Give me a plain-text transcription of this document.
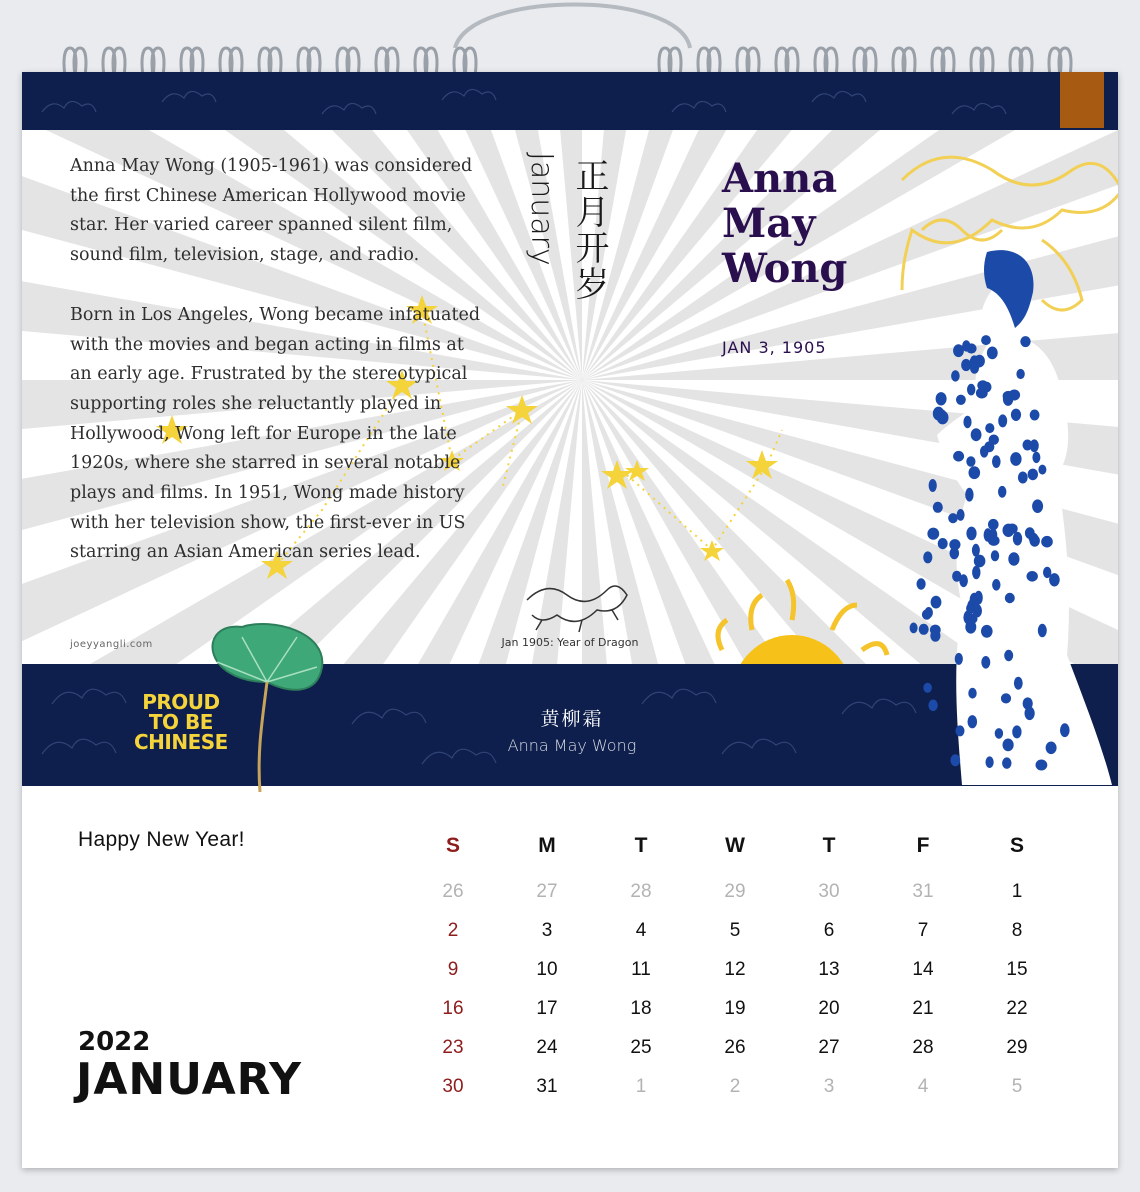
Anna May Wong (1905-1961) was considered the first Chinese American Hollywood movie star. Her varied career spanned silent film, sound film, television, stage, and radio.

Born in Los Angeles, Wong became infatuated with the movies and began acting in films at an early age. Frustrated by the stereotypical supporting roles she reluctantly played in Hollywood, Wong left for Europe in the late 1920s, where she starred in several notable plays and films. In 1951, Wong made history with her television show, the first-ever in US starring an Asian American series lead.

正月开岁
January	Anna
May
Wong
JAN 3, 1905
Jan 1905: Year of Dragon
joeyyangli.com
PROUD
TO BE
CHINESE
黄柳霜
Anna May Wong
Happy New Year!
2022
JANUARY
S	M	T	W	T	F	S
26	27	28	29	30	31	1
2	3	4	5	6	7	8
9	10	11	12	13	14	15
16	17	18	19	20	21	22
23	24	25	26	27	28	29
30	31	1	2	3	4	5
